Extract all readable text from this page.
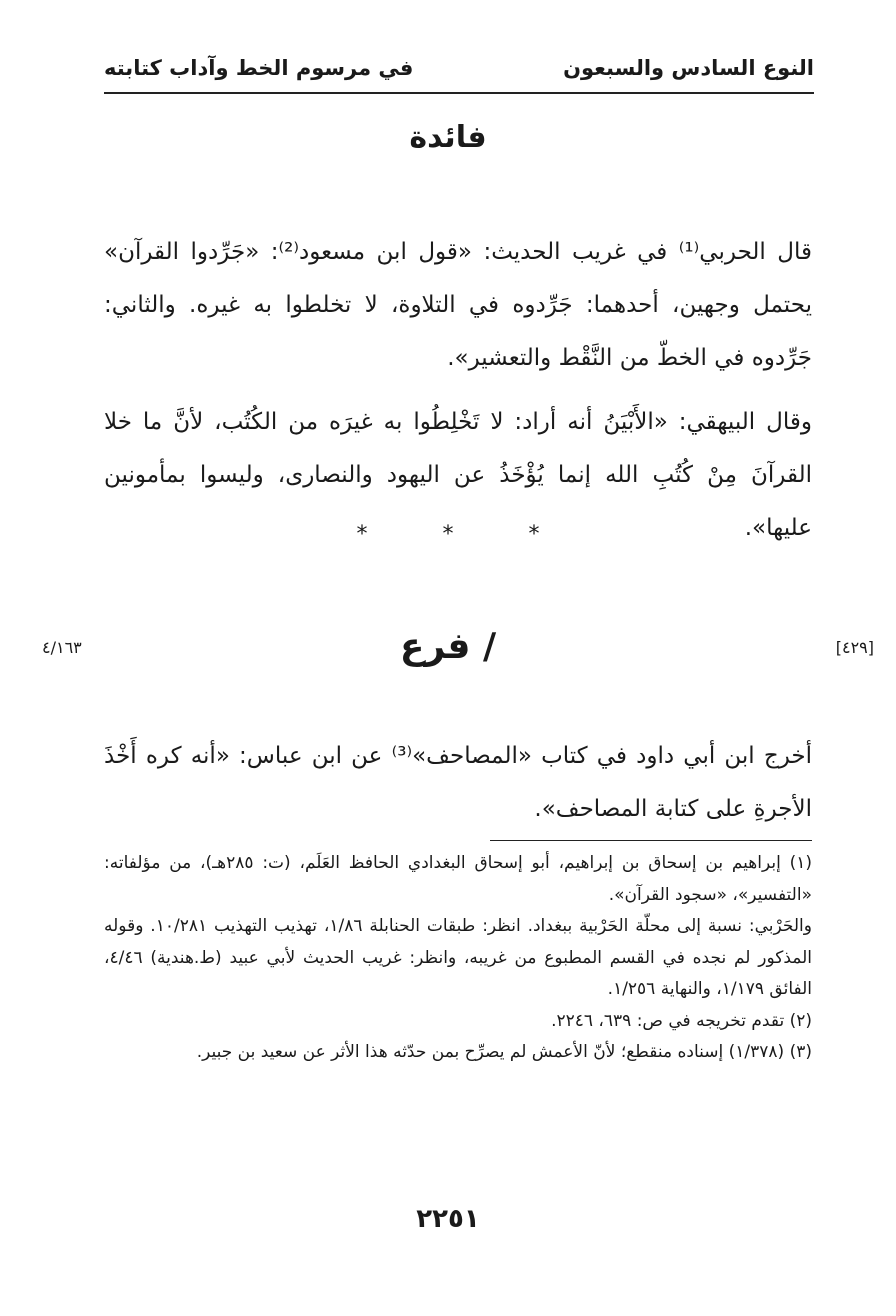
النوع السادس والسبعون
في مرسوم الخط وآداب كتابته
فائدة
قال الحربي⁽¹⁾ في غريب الحديث: «قول ابن مسعود⁽²⁾: «جَرِّدوا القرآن» يحتمل وجهين، أحدهما: جَرِّدوه في التلاوة، لا تخلطوا به غيره. والثاني: جَرِّدوه في الخطّ من النَّقْط والتعشير».
وقال البيهقي: «الأَبْيَنُ أنه أراد: لا تَخْلِطُوا به غيرَه من الكُتُب، لأنَّ ما خلا القرآنَ مِنْ كُتُبِ الله إنما يُؤْخَذُ عن اليهود والنصارى، وليسوا بمأمونين عليها».
* * *
[٤٢٩]
/ فرع
٤/١٦٣
أخرج ابن أبي داود في كتاب «المصاحف»⁽³⁾ عن ابن عباس: «أنه كره أَخْذَ الأجرةِ على كتابة المصاحف».

(١) إبراهيم بن إسحاق بن إبراهيم، أبو إسحاق البغدادي الحافظ العَلَم، (ت: ٢٨٥هـ)، من مؤلفاته: «التفسير»، «سجود القرآن».

والحَرْبي: نسبة إلى محلّة الحَرْبية ببغداد. انظر: طبقات الحنابلة ١/٨٦، تهذيب التهذيب ١٠/٢٨١. وقوله المذكور لم نجده في القسم المطبوع من غريبه، وانظر: غريب الحديث لأبي عبيد (ط.هندية) ٤/٤٦، الفائق ١/١٧٩، والنهاية ١/٢٥٦.

(٢) تقدم تخريجه في ص: ٦٣٩، ٢٢٤٦.

(٣) (١/٣٧٨) إسناده منقطع؛ لأنّ الأعمش لم يصرِّح بمن حدّثه هذا الأثر عن سعيد بن جبير.

٢٢٥١
